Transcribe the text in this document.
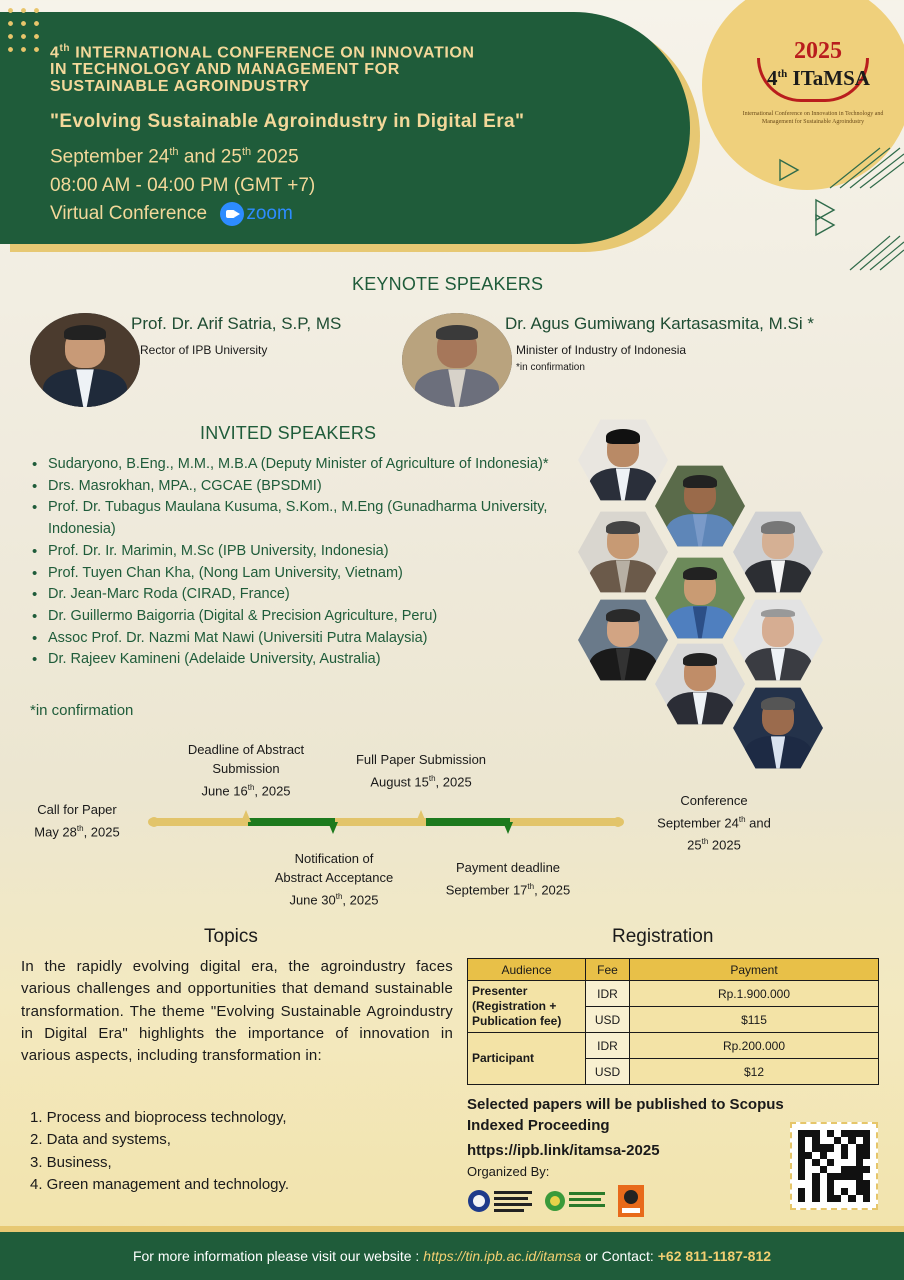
4th INTERNATIONAL CONFERENCE ON INNOVATION
IN TECHNOLOGY AND MANAGEMENT FOR
SUSTAINABLE AGROINDUSTRY
"Evolving Sustainable Agroindustry in Digital Era"
September 24th and 25th 2025
08:00 AM - 04:00 PM (GMT +7)
Virtual Conference zoom
2025
4th ITaMSA
International Conference on Innovation in Technology and Management for Sustainable Agroindustry
KEYNOTE SPEAKERS
Prof. Dr. Arif Satria, S.P, MS
Rector of IPB University
Dr. Agus Gumiwang Kartasasmita, M.Si *
Minister of Industry of Indonesia
*in confirmation
INVITED SPEAKERS
• Sudaryono, B.Eng., M.M., M.B.A (Deputy Minister of Agriculture of Indonesia)*
• Drs. Masrokhan, MPA., CGCAE (BPSDMI)
• Prof. Dr. Tubagus Maulana Kusuma, S.Kom., M.Eng (Gunadharma University, Indonesia)
• Prof. Dr. Ir. Marimin, M.Sc (IPB University, Indonesia)
• Prof. Tuyen Chan Kha, (Nong Lam University, Vietnam)
• Dr. Jean-Marc Roda (CIRAD, France)
• Dr. Guillermo Baigorria (Digital & Precision Agriculture, Peru)
• Assoc Prof. Dr. Nazmi Mat Nawi (Universiti Putra Malaysia)
• Dr. Rajeev Kamineni (Adelaide University, Australia)
*in confirmation
Deadline of Abstract
Submission
June 16th, 2025
Full Paper Submission
August 15th, 2025
Call for Paper
May 28th, 2025
Conference
September 24th and
25th 2025
Notification of
Abstract Acceptance
June 30th, 2025
Payment deadline
September 17th, 2025
Topics
In the rapidly evolving digital era, the agroindustry faces various challenges and opportunities that demand sustainable transformation. The theme "Evolving Sustainable Agroindustry in Digital Era" highlights the importance of innovation in various aspects, including transformation in:
1. Process and bioprocess technology,
2. Data and systems,
3. Business,
4. Green management and technology.
Registration
Audience	Fee	Payment
Presenter (Registration + Publication fee)	IDR	Rp.1.900.000
	USD	$115
Participant	IDR	Rp.200.000
	USD	$12
Selected papers will be published to Scopus Indexed Proceeding
https://ipb.link/itamsa-2025
Organized By:
For more information please visit our website : https://tin.ipb.ac.id/itamsa or Contact: +62 811-1187-812
